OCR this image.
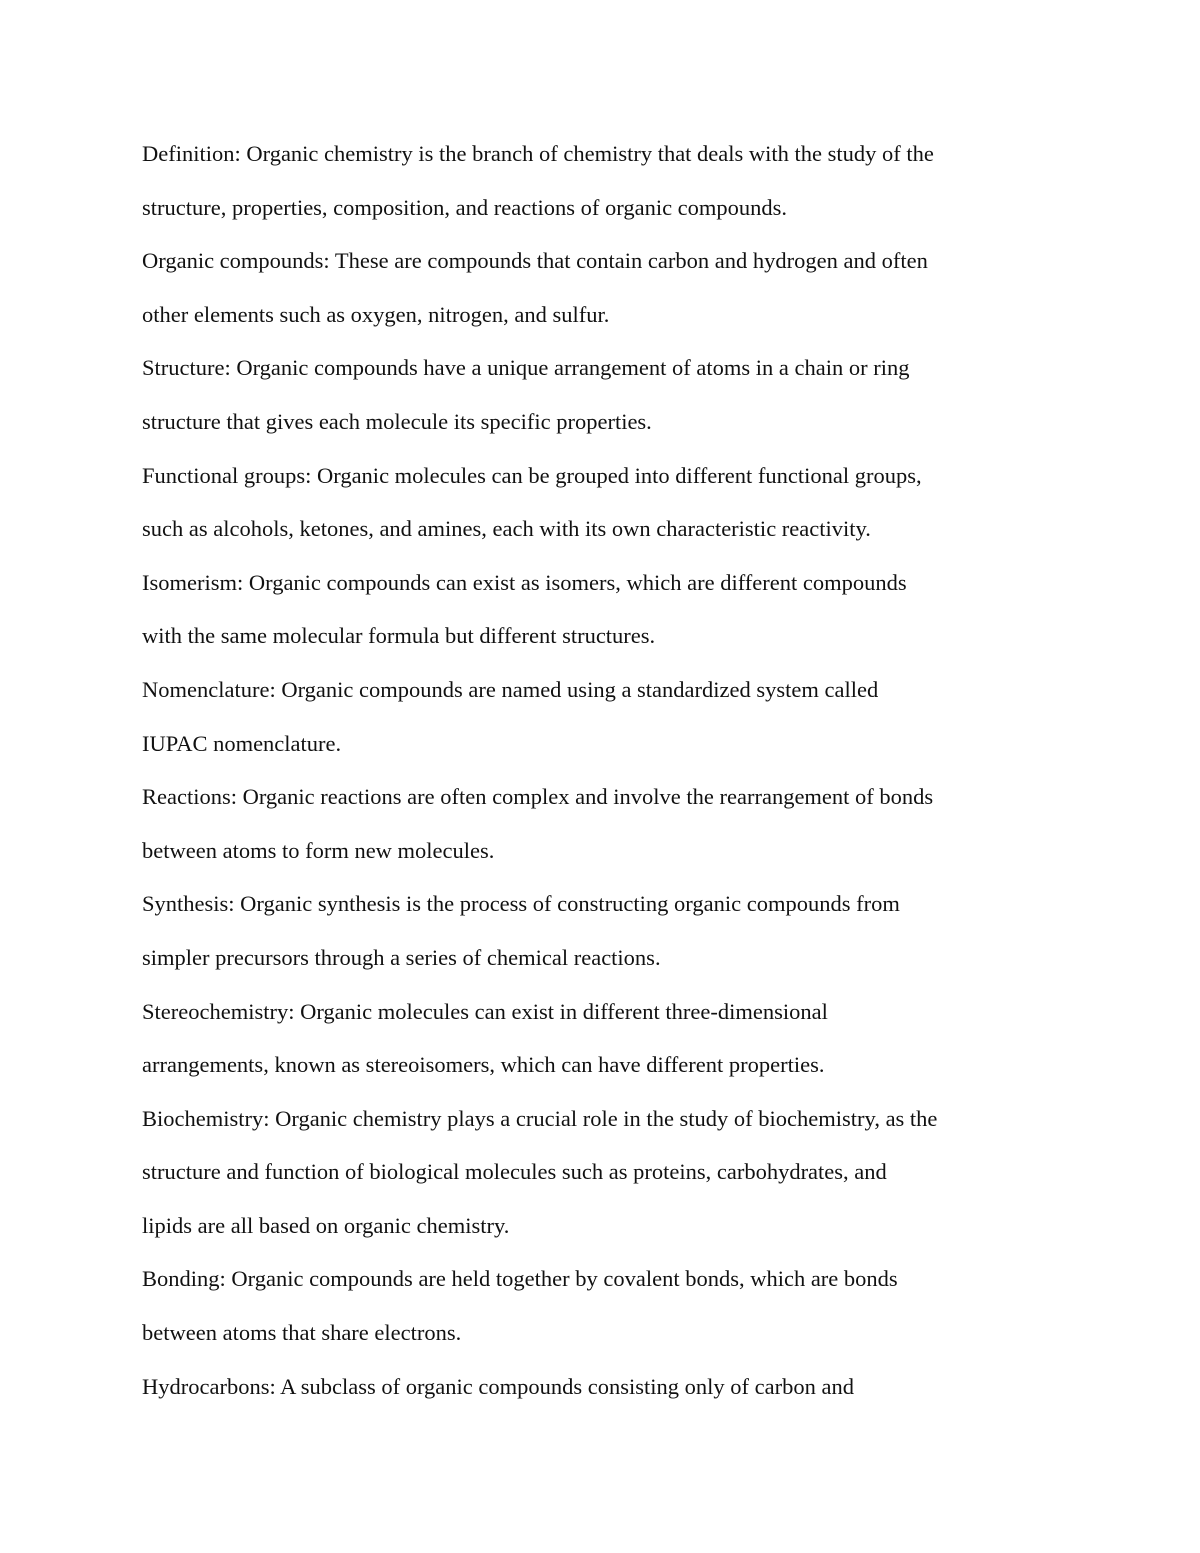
Definition: Organic chemistry is the branch of chemistry that deals with the study of the
structure, properties, composition, and reactions of organic compounds.
Organic compounds: These are compounds that contain carbon and hydrogen and often
other elements such as oxygen, nitrogen, and sulfur.
Structure: Organic compounds have a unique arrangement of atoms in a chain or ring
structure that gives each molecule its specific properties.
Functional groups: Organic molecules can be grouped into different functional groups,
such as alcohols, ketones, and amines, each with its own characteristic reactivity.
Isomerism: Organic compounds can exist as isomers, which are different compounds
with the same molecular formula but different structures.
Nomenclature: Organic compounds are named using a standardized system called
IUPAC nomenclature.
Reactions: Organic reactions are often complex and involve the rearrangement of bonds
between atoms to form new molecules.
Synthesis: Organic synthesis is the process of constructing organic compounds from
simpler precursors through a series of chemical reactions.
Stereochemistry: Organic molecules can exist in different three-dimensional
arrangements, known as stereoisomers, which can have different properties.
Biochemistry: Organic chemistry plays a crucial role in the study of biochemistry, as the
structure and function of biological molecules such as proteins, carbohydrates, and
lipids are all based on organic chemistry.
Bonding: Organic compounds are held together by covalent bonds, which are bonds
between atoms that share electrons.
Hydrocarbons: A subclass of organic compounds consisting only of carbon and
